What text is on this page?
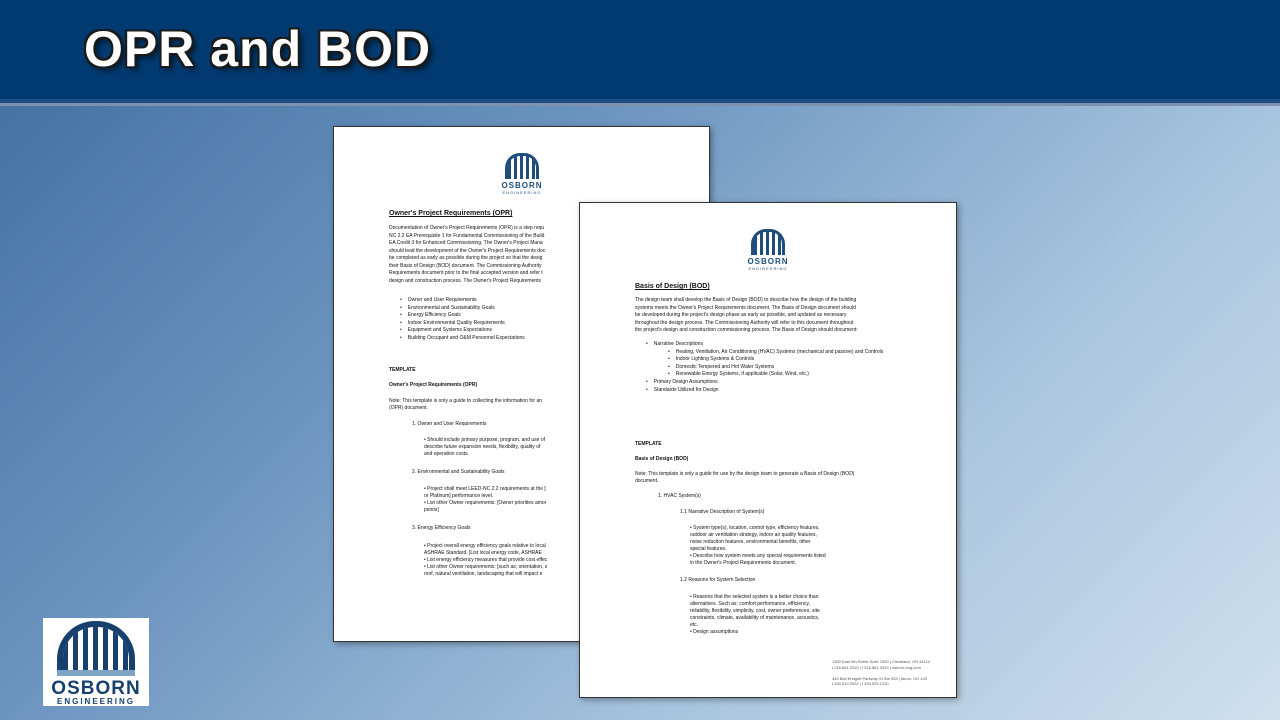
OPR and BOD
OSBORN
ENGINEERING
Owner's Project Requirements (OPR)
Documentation of Owner's Project Requirements (OPR) is a step requ
NC 2.2 EA Prerequisite 1 for Fundamental Commissioning of the Build
EA Credit 3 for Enhanced Commissioning. The Owner's Project Mana
should lead the development of the Owner's Project Requirements doc
be completed as early as possible during the project so that the desig
their Basis of Design (BOD) document. The Commissioning Authority
Requirements document prior to the final accepted version and refer t
design and construction process. The Owner's Project Requirements
• Owner and User Requirements
• Environmental and Sustainability Goals
• Energy Efficiency Goals
• Indoor Environmental Quality Requirements
• Equipment and Systems Expectations
• Building Occupant and O&M Personnel Expectations
TEMPLATE
Owner's Project Requirements (OPR)
Note: This template is only a guide to collecting the information for an
(OPR) document.
1. Owner and User Requirements
• Should include primary purpose, program, and use of
describe future expansion needs, flexibility, quality of
and operation costs.
2. Environmental and Sustainability Goals
• Project shall meet LEED-NC 2.2 requirements at the [
or Platinum] performance level.
• List other Owner requirements: [Owner priorities amor
points]
3. Energy Efficiency Goals
• Project overall energy efficiency goals relative to local
ASHRAE Standard. [List local energy code, ASHRAE
• List energy efficiency measures that provide cost effec
• List other Owner requirements: [such as; orientation, s
roof, natural ventilation, landscaping that will impact e
OSBORN
ENGINEERING
Basis of Design (BOD)
The design team shall develop the Basis of Design (BOD) to describe how the design of the building
systems meets the Owner's Project Requirements document. The Basis of Design document should
be developed during the project's design phase as early as possible, and updated as necessary
throughout the design process. The Commissioning Authority will refer to this document throughout
the project's design and construction commissioning process. The Basis of Design should document:
• Narrative Descriptions
• Heating, Ventilation, Air Conditioning (HVAC) Systems (mechanical and passive) and Controls
• Indoor Lighting Systems & Controls
• Domestic Tempered and Hot Water Systems
• Renewable Energy Systems, if applicable (Solar, Wind, etc.)
• Primary Design Assumptions
• Standards Utilized for Design
TEMPLATE
Basis of Design (BOD)
Note: This template is only a guide for use by the design team to generate a Basis of Design (BOD)
document.
1. HVAC System(s)
1.1 Narrative Description of System(s)
• System type(s), location, control type, efficiency features,
outdoor air ventilation strategy, indoor air quality features,
noise reduction features, environmental benefits, other
special features.
• Describe how system meets any special requirements listed
in the Owner's Project Requirements document.
1.2 Reasons for System Selection
• Reasons that the selected system is a better choice than
alternatives. Such as; comfort performance, efficiency,
reliability, flexibility, simplicity, cost, owner preferences, site
constraints, climate, availability of maintenance, acoustics,
etc.
• Design assumptions
1300 East 9th Street Suite 1500 | Cleveland, OH 44114
t 216.861.2020 | f 216.861.3329 | osborn-eng.com

440 Bell Eridgett Parkway St Ste 333 | Akron, OH 443
t 330.510.2022 | f 330.529.2120
OSBORN
ENGINEERING
